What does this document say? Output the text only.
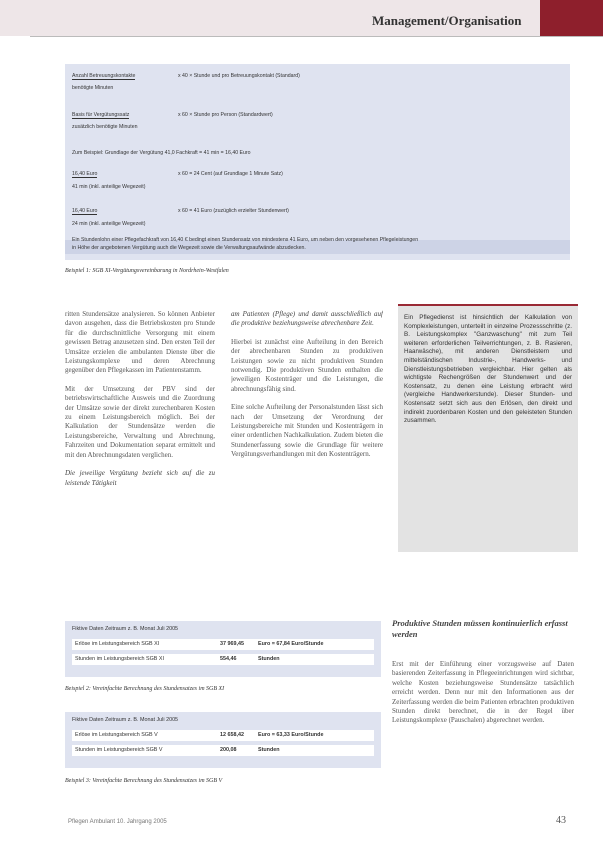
Management/Organisation
Anzahl Betreuungskontakte	x 40 × Stunde und pro Betreuungskontakt (Standard)
benötigte Minuten
Basis für Vergütungssatz	x 60 × Stunde pro Person (Standardwert)
zusätzlich benötigte Minuten
Zum Beispiel: Grundlage der Vergütung 41,0 Fachkraft = 41 min = 16,40 Euro
16,40 Euro	x 60 = 24 Cent (auf Grundlage 1 Minute Satz)
41 min (inkl. anteilige Wegezeit)
16,40 Euro	x 60 = 41 Euro (zuzüglich erzielter Stundenwert)
24 min (inkl. anteilige Wegezeit)
Ein Stundenlohn einer Pflegefachkraft von 16,40 € bedingt einen Stundensatz von mindestens 41 Euro, um neben den vorgesehenen Pflegeleistungen
in Höhe der angebotenen Vergütung auch die Wegezeit sowie die Verwaltungsaufwände abzudecken.
Beispiel 1: SGB XI-Vergütungsvereinbarung in Nordrhein-Westfalen

ritten Stundensätze analysieren. So können Anbieter davon ausgehen, dass die Betriebskosten pro Stunde für die durchschnittliche Versorgung mit einem gewissen Betrag anzusetzen sind. Den ersten Teil der Umsätze erzielen die ambulanten Dienste über die Leistungskomplexe und deren Abrechnung gegenüber den Pflegekassen im Patientenstamm.

Mit der Umsetzung der PBV sind der betriebswirtschaftliche Ausweis und die Zuordnung der Umsätze sowie der direkt zurechenbaren Kosten zu einem Leistungsbereich möglich. Bei der Kalkulation der Stundensätze werden die Leistungsbereiche, Verwaltung und Abrechnung, Fahrzeiten und Dokumentation separat ermittelt und mit den Abrechnungsdaten verglichen.

Die jeweilige Vergütung bezieht sich auf die zu leistende Tätigkeit

am Patienten (Pflege) und damit ausschließlich auf die produktive beziehungsweise abrechenbare Zeit.

Hierbei ist zunächst eine Aufteilung in den Bereich der abrechenbaren Stunden zu produktiven Leistungen sowie zu nicht produktiven Stunden notwendig. Die produktiven Stunden enthalten die jeweiligen Kostenträger und die Leistungen, die abrechnungsfähig sind.

Eine solche Aufteilung der Personalstunden lässt sich nach der Umsetzung der Verordnung der Leistungsbereiche mit Stunden und Kostenträgern in einer ordentlichen Nachkalkulation. Zudem bieten die Stundenerfassung sowie die Grundlage für weitere Vergütungsverhandlungen mit den Kostenträgern.

Ein Pflegedienst ist hinsichtlich der Kalkulation von Komplexleistungen, unterteilt in einzelne Prozessschritte (z. B. Leistungskomplex "Ganzwaschung" mit zum Teil weiteren erforderlichen Teilverrichtungen, z. B. Rasieren, Haarwäsche), mit anderen Dienstleistern und mittelständischen Industrie-, Handwerks- und Dienstleistungsbetrieben vergleichbar. Hier gelten als wichtigste Rechengrößen der Stundenwert und der Kostensatz, zu denen eine Leistung erbracht wird (vergleiche Handwerkerstunde). Dieser Stunden- und Kostensatz setzt sich aus den Erlösen, den direkt und indirekt zuordenbaren Kosten und den geleisteten Stunden zusammen.
Fiktive Daten Zeitraum z. B. Monat Juli 2005
Erlöse im Leistungsbereich SGB XI	37 969,45	Euro = 67,84 Euro/Stunde
Stunden im Leistungsbereich SGB XI	554,46	Stunden
Beispiel 2: Vereinfachte Berechnung des Stundensatzes im SGB XI
Fiktive Daten Zeitraum z. B. Monat Juli 2005
Erlöse im Leistungsbereich SGB V	12 658,42	Euro = 63,33 Euro/Stunde
Stunden im Leistungsbereich SGB V	200,08	Stunden
Beispiel 3: Vereinfachte Berechnung des Stundensatzes im SGB V
Produktive Stunden müssen kontinuierlich erfasst werden

Erst mit der Einführung einer vorzugsweise auf Daten basierenden Zeiterfassung in Pflegeeinrichtungen wird sichtbar, welche Kosten beziehungsweise Stundensätze tatsächlich erreicht werden. Denn nur mit den Informationen aus der Zeiterfassung werden die beim Patienten erbrachten produktiven Stunden direkt berechnet, die in der Regel über Leistungskomplexe (Pauschalen) abgerechnet werden.

Pflegen Ambulant 10. Jahrgang 2005	43
